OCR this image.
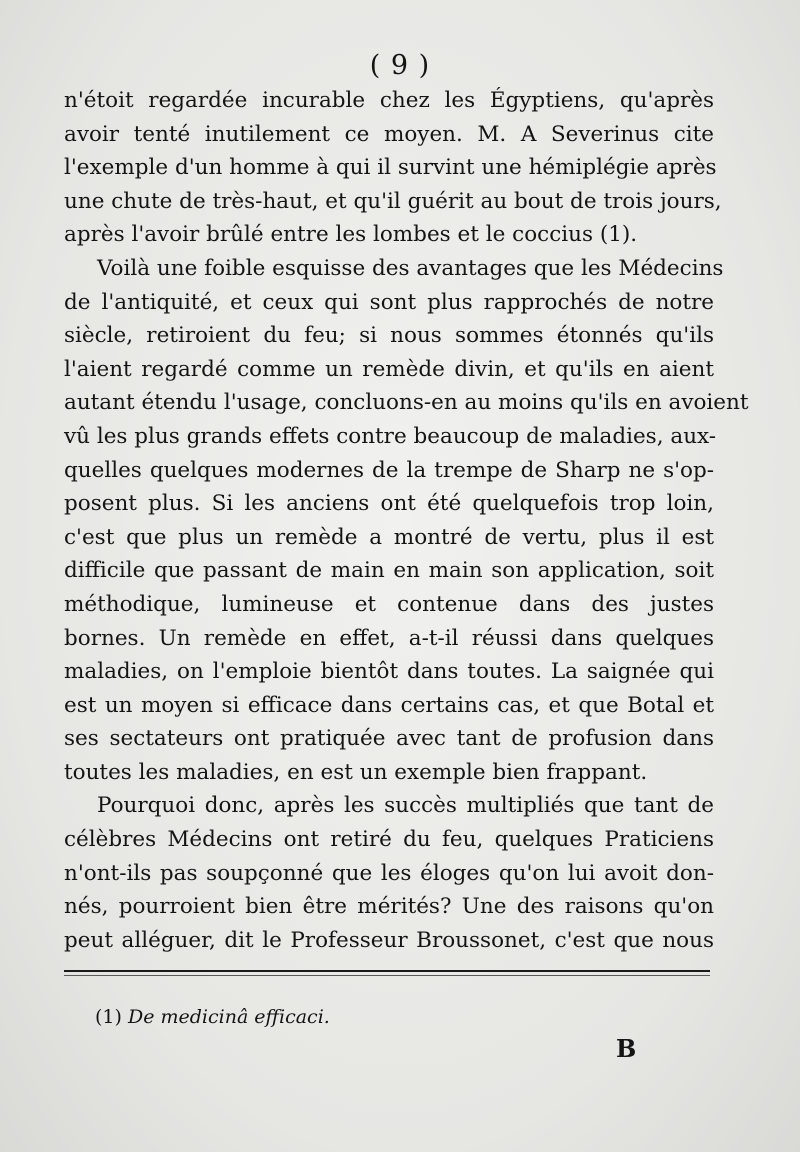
( 9 )
n'étoit regardée incurable chez les Égyptiens, qu'après
avoir tenté inutilement ce moyen. M. A Severinus cite
l'exemple d'un homme à qui il survint une hémiplégie après
une chute de très-haut, et qu'il guérit au bout de trois jours,
après l'avoir brûlé entre les lombes et le coccius (1).
Voilà une foible esquisse des avantages que les Médecins
de l'antiquité, et ceux qui sont plus rapprochés de notre
siècle, retiroient du feu; si nous sommes étonnés qu'ils
l'aient regardé comme un remède divin, et qu'ils en aient
autant étendu l'usage, concluons-en au moins qu'ils en avoient
vû les plus grands effets contre beaucoup de maladies, aux-
quelles quelques modernes de la trempe de Sharp ne s'op-
posent plus. Si les anciens ont été quelquefois trop loin,
c'est que plus un remède a montré de vertu, plus il est
difficile que passant de main en main son application, soit
méthodique, lumineuse et contenue dans des justes
bornes. Un remède en effet, a-t-il réussi dans quelques
maladies, on l'emploie bientôt dans toutes. La saignée qui
est un moyen si efficace dans certains cas, et que Botal et
ses sectateurs ont pratiquée avec tant de profusion dans
toutes les maladies, en est un exemple bien frappant.
Pourquoi donc, après les succès multipliés que tant de
célèbres Médecins ont retiré du feu, quelques Praticiens
n'ont-ils pas soupçonné que les éloges qu'on lui avoit don-
nés, pourroient bien être mérités? Une des raisons qu'on
peut alléguer, dit le Professeur Broussonet, c'est que nous
(1) De medicinâ efficaci.
B
